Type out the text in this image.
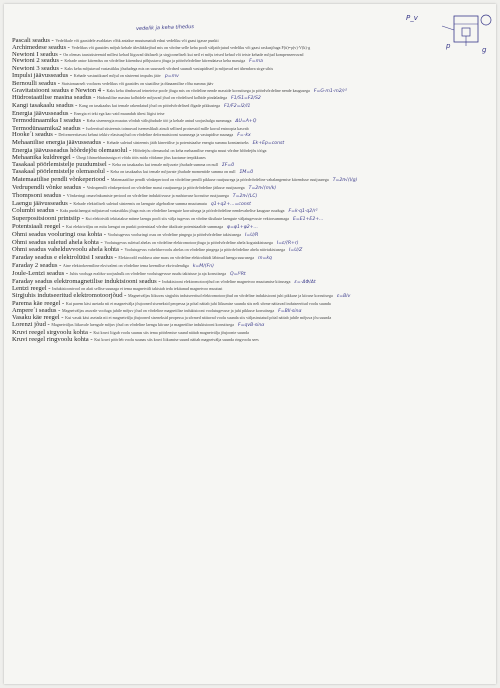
vedelik ja keha tihedus
P_v
g
p
Pascali seadus - Vedelikule või gaasidele avaldatav rõhk antakse muutumatult edasi vedeliku või gaasi igasse punkti
Archimedese seadus - Vedelikus või gaasides mõjub kehale üleslükkejõud mis on võrdne selle keha poolt väljatõrjutud vedeliku või gaasi raskusjõuga F(ü)=ρ(v)·V(k)·g
Newtoni I seadus - On olemas taustsüsteemid millest kehad liiguvad ühtlaselt ja sirgjooneliselt kui neil ei mõju teised kehad või teiste kehade mõjud kompenseeruvad
Newtoni 2 seadus - Kehade antav kiirendus on võrdeline kiirendust põhjustava jõuga ja pöördvõrdeline kiirendatava keha massiga F=ma
Newtoni 3 seadus - Kaks keha mõjutavad vastastikku jõududega mis on suuruselt võrdsed suunalt vastupidised ja mõjuvad nei ühendava sirge sihis
Impulsi jäävusseadus - Kehade vastastikusel mõjul on süsteemi impulss jääv p=mv
Bernoulli seadus - Statsionaarselt voolavas vedelikus või gaasides on staatilise ja dünaamilise rõhu summa jääv
Gravitatsiooni seadus e Newton 4 - Kaks keha tõmbuvad teineteise poole jõuga mis on võrdeline nende masside korrutisega ja pöördvõrdeline nende kaugusega F=G·m1·m2/r²
Hüdrostaatilise masina seadus - Hüdraulilise masina kolbidele mõjuvad jõud on võrdelised kolbide pindaladega F1/S1=F2/S2
Kangi tasakaalu seadus - Kang on tasakaalus kui temale rakendatud jõud on pöördvõrdelised õlgade pikkustega F1/F2=l2/l1
Energia jäävusseadus - Energia ei teki ega kao vaid muundub ühest liigist teise
Termodünaamika I seadus - Keha siseenergia muutus võrdub välisjõudude töö ja kehale antud soojushulga summaga ΔU=A+Q
Termodünaamika2 seadus - Isoleeritud süsteemis toimuvad iseeneslikult ainult sellised protsessid mille korral entroopia kasvab
Hooke´i seadus - Deformeeritavast kehast tekkiv elastsusjõud on võrdeline deformatsiooni suurusega ja vastupidise suunaga F=-kx
Mehaanilise energia jäävusseadus - Kehade suletud süsteemis jääb kineetilise ja potentsiaalse energia summa konstantseks Ek+Ep=const
Energia jäävusseadus hõõrdejõu olemasolul - Hõõrdejõu olemasolul on keha mehaanilise energia muut võrdne hõõrdejõu tööga
Mehaanika kuldreegel - Ühegi lihtmehhanismiga ei võida töös mida võidame jõus kaotame teepikkuses
Tasakaal pöörlemistelje puudumisel - Keha on tasakaalus kui temale mõjuvate jõudude summa on null ΣF=0
Tasakaal pöörlemistelje olemasolul - Keha on tasakaalus kui temale mõjuvate jõudude momentide summa on null ΣM=0
Matemaatilise pendli võnkeperiood - Matemaatilise pendli võnkeperiood on võrdeline pendli pikkuse ruutjuurega ja pöördvõrdeline vabalangemise kiirenduse ruutjuurega T=2π√(l/g)
Vedrupendli võnke seadus - Vedrupendli võnkeperiood on võrdeline massi ruutjuurega ja pöördvõrdeline jäikuse ruutjuurega T=2π√(m/k)
Thompsoni seadus - Võnkeringi omavõnkumiste periood on võrdeline induktiivsuse ja mahtuvuse korrutise ruutjuurega T=2π√(LC)
Laengu jäävusseadus - Kehade elektriliselt suletud süsteemis on laengute algebraline summa muutumatu q1+q2+...=const
Columbi seadus - Kaks punktlaengut mõjutavad vastastikku jõuga mis on võrdeline laengute korrutisega ja pöördvõrdeline nendevahelise kauguse ruuduga F=k·q1·q2/r²
Superpositsiooni printsiip - Kui elektriväli tekitatakse mitme laengu poolt siis välja tugevus on võrdne üksikute laengute väljatugevuste vektorsummaga E=E1+E2+...
Potentsiaali reegel - Kui elektriväljas on mitu laengut on punkti potentsiaal võrdne üksikute potentsiaalide summaga φ=φ1+φ2+...
Ohmi seadus vooluringi osa kohta - Voolutugevus vooluringi osas on võrdeline pingega ja pöördvõrdeline takistusega I=U/R
Ohmi seadus suletud ahela kohta - Voolutugevus suletud ahelas on võrdeline elektromotoorjõuga ja pöördvõrdeline ahela kogutakistusega I=ε/(R+r)
Ohmi seadus vahelduvvoolu ahela kohta - Voolutugevus vahelduvvoolu ahelas on võrdeline pingega ja pöördvõrdeline ahela näivtakistusega I=U/Z
Faraday seadus e elektrolüüsi I seadus - Elektroodil eralduva aine mass on võrdeline elektrolüüdi läbinud laengu suurusega m=kq
Faraday 2 seadus - Aine elektrokeemiline ekvivalent on võrdeline tema keemilise ekvivalendiga k=M/(Fn)
Joule-Lentzi seadus - Juhis vooluga eralduv soojushulk on võrdeline voolutugevuse ruudu takistuse ja aja korrutisega Q=I²Rt
Faraday seadus elektromagnetilise induktsiooni seadus - Induktsiooni elektromotoorjõud on võrdeline magnetvoo muutumise kiirusega ε=-ΔΦ/Δt
Lentzi reegel - Induktsioonivool on alati sellise suunaga et tema magnetväli takistab teda tekitanud magnetvoo muutust
Sirgjuhis indutseeritud elektromotoorjõud - Magnetväljas liikuvas sirgjuhis indutseeritud elektromotoorjõud on võrdeline induktsiooni juhi pikkuse ja kiiruse korrutisega ε=Blv
Parema käe reegel - Kui parem käsi asetada nii et magnetvälja jõujooned siseneksid peopessa ja pöial näitab juhi liikumise suunda siis neli sõrme näitavad indutseeritud voolu suunda
Ampere´i seadus - Magnetväljas asuvale vooluga juhile mõjuv jõud on võrdeline magnetilise induktsiooni voolutugevuse ja juhi pikkuse korrutisega F=BIl·sinα
Vasaku käe reegel - Kui vasak käsi asetada nii et magnetvälja jõujooned siseneksid peopessa ja sõrmed näitavad voolu suunda siis väljasirutatud pöial näitab juhile mõjuva jõu suunda
Lorenzi jõud - Magnetväljas liikuvale laengule mõjuv jõud on võrdeline laengu kiiruse ja magnetilise induktsiooni korrutisega F=qvB·sinα
Kruvi reegel sirgvoolu kohta - Kui kruvi liigub voolu suunas siis tema pöörlemise suund näitab magnetvälja jõujoonte suunda
Kruvi reegel ringvoolu kohta - Kui kruvi pöörleb voolu suunas siis kruvi liikumise suund näitab magnetvälja suunda ringvoolu sees
